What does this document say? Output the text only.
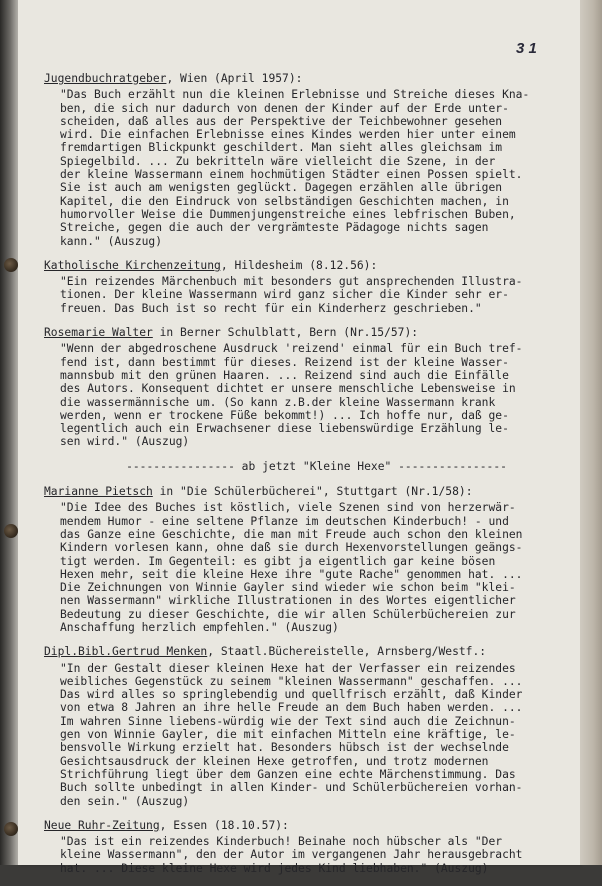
3 1
Jugendbuchratgeber, Wien (April 1957):
"Das Buch erzählt nun die kleinen Erlebnisse und Streiche dieses Kna-
ben, die sich nur dadurch von denen der Kinder auf der Erde unter-
scheiden, daß alles aus der Perspektive der Teichbewohner gesehen
wird. Die einfachen Erlebnisse eines Kindes werden hier unter einem
fremdartigen Blickpunkt geschildert. Man sieht alles gleichsam im
Spiegelbild. ... Zu bekritteln wäre vielleicht die Szene, in der
der kleine Wassermann einem hochmütigen Städter einen Possen spielt.
Sie ist auch am wenigsten geglückt. Dagegen erzählen alle übrigen
Kapitel, die den Eindruck von selbständigen Geschichten machen, in
humorvoller Weise die Dummenjungenstreiche eines lebfrischen Buben,
Streiche, gegen die auch der vergrämteste Pädagoge nichts sagen
kann." (Auszug)
Katholische Kirchenzeitung, Hildesheim (8.12.56):
"Ein reizendes Märchenbuch mit besonders gut ansprechenden Illustra-
tionen. Der kleine Wassermann wird ganz sicher die Kinder sehr er-
freuen. Das Buch ist so recht für ein Kinderherz geschrieben."
Rosemarie Walter in Berner Schulblatt, Bern (Nr.15/57):
"Wenn der abgedroschene Ausdruck 'reizend' einmal für ein Buch tref-
fend ist, dann bestimmt für dieses. Reizend ist der kleine Wasser-
mannsbub mit den grünen Haaren. ... Reizend sind auch die Einfälle
des Autors. Konsequent dichtet er unsere menschliche Lebensweise in
die wassermännische um. (So kann z.B.der kleine Wassermann krank
werden, wenn er trockene Füße bekommt!) ... Ich hoffe nur, daß ge-
legentlich auch ein Erwachsener diese liebenswürdige Erzählung le-
sen wird." (Auszug)
---------------- ab jetzt "Kleine Hexe" ----------------
Marianne Pietsch in "Die Schülerbücherei", Stuttgart (Nr.1/58):
"Die Idee des Buches ist köstlich, viele Szenen sind von herzerwär-
mendem Humor - eine seltene Pflanze im deutschen Kinderbuch! - und
das Ganze eine Geschichte, die man mit Freude auch schon den kleinen
Kindern vorlesen kann, ohne daß sie durch Hexenvorstellungen geängs-
tigt werden. Im Gegenteil: es gibt ja eigentlich gar keine bösen
Hexen mehr, seit die kleine Hexe ihre "gute Rache" genommen hat. ...
Die Zeichnungen von Winnie Gayler sind wieder wie schon beim "klei-
nen Wassermann" wirkliche Illustrationen in des Wortes eigentlicher
Bedeutung zu dieser Geschichte, die wir allen Schülerbüchereien zur
Anschaffung herzlich empfehlen." (Auszug)
Dipl.Bibl.Gertrud Menken, Staatl.Büchereistelle, Arnsberg/Westf.:
"In der Gestalt dieser kleinen Hexe hat der Verfasser ein reizendes
weibliches Gegenstück zu seinem "kleinen Wassermann" geschaffen. ...
Das wird alles so springlebendig und quellfrisch erzählt, daß Kinder
von etwa 8 Jahren an ihre helle Freude an dem Buch haben werden. ...
Im wahren Sinne liebens-würdig wie der Text sind auch die Zeichnun-
gen von Winnie Gayler, die mit einfachen Mitteln eine kräftige, le-
bensvolle Wirkung erzielt hat. Besonders hübsch ist der wechselnde
Gesichtsausdruck der kleinen Hexe getroffen, und trotz modernen
Strichführung liegt über dem Ganzen eine echte Märchenstimmung. Das
Buch sollte unbedingt in allen Kinder- und Schülerbüchereien vorhan-
den sein." (Auszug)
Neue Ruhr-Zeitung, Essen (18.10.57):
"Das ist ein reizendes Kinderbuch! Beinahe noch hübscher als "Der
kleine Wassermann", den der Autor im vergangenen Jahr herausgebracht
hat. ... Diese kleine Hexe wird jedes Kind liebhaben." (Auszug)
